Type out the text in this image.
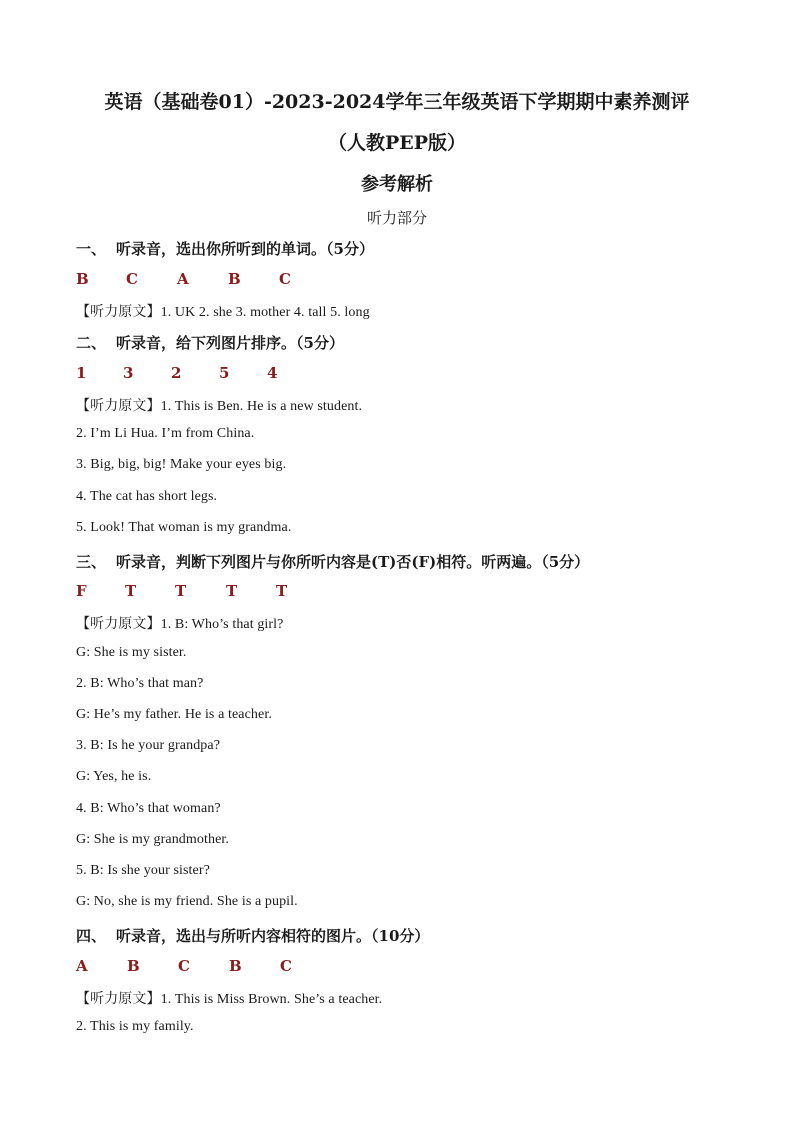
英语（基础卷01）-2023-2024学年三年级英语下学期期中素养测评
（人教PEP版）
参考解析
听力部分
一、 听录音，选出你所听到的单词。（5分）
B C	A	B	C
【听力原文】1. UK 2. she 3. mother 4. tall 5. long
二、 听录音，给下列图片排序。（5分）
1 3	2	5	4
【听力原文】1. This is Ben. He is a new student.
2. I’m Li Hua. I’m from China.
3. Big, big, big! Make your eyes big.
4. The cat has short legs.
5. Look! That woman is my grandma.
三、 听录音，判断下列图片与你所听内容是(T)否(F)相符。听两遍。（5分）
F	T	T	T	T
【听力原文】1. B: Who’s that girl?
G: She is my sister.
2. B: Who’s that man?
G: He’s my father. He is a teacher.
3. B: Is he your grandpa?
G: Yes, he is.
4. B: Who’s that woman?
G: She is my grandmother.
5. B: Is she your sister?
G: No, she is my friend. She is a pupil.
四、 听录音，选出与所听内容相符的图片。（10分）
A	B	C	B	C
【听力原文】1. This is Miss Brown. She’s a teacher.
2. This is my family.
